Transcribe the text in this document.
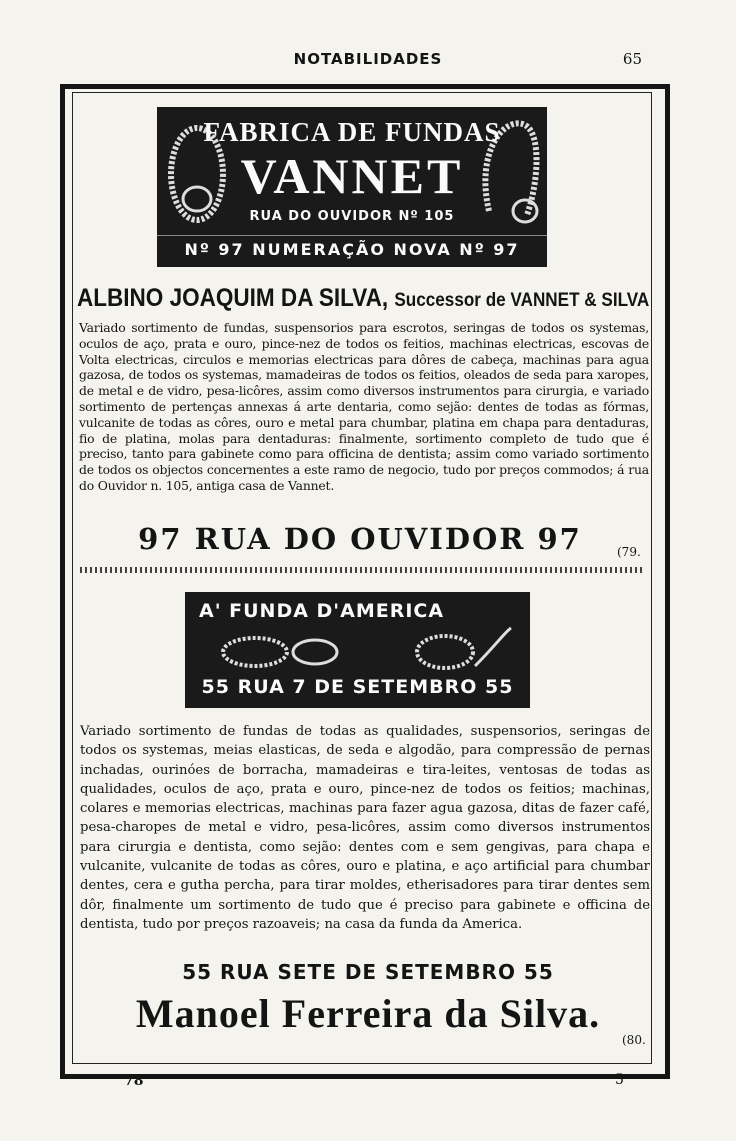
NOTABILIDADES	65
FABRICA DE FUNDAS
VANNET
RUA DO OUVIDOR Nº 105
Nº 97 NUMERAÇÃO NOVA Nº 97
ALBINO JOAQUIM DA SILVA, Successor de VANNET & SILVA
Variado sortimento de fundas, suspensorios para escrotos, seringas de todos os systemas, oculos de aço, prata e ouro, pince-nez de todos os feitios, machinas electricas, escovas de Volta electricas, circulos e memorias electricas para dôres de cabeça, machinas para agua gazosa, de todos os systemas, mamadeiras de todos os feitios, oleados de seda para xaropes, de metal e de vidro, pesa-licôres, assim como diversos instrumentos para cirurgia, e variado sortimento de pertenças annexas á arte dentaria, como sejão: dentes de todas as fórmas, vulcanite de todas as côres, ouro e metal para chumbar, platina em chapa para dentaduras, fio de platina, molas para dentaduras: finalmente, sortimento completo de tudo que é preciso, tanto para gabinete como para officina de dentista; assim como variado sortimento de todos os objectos concernentes a este ramo de negocio, tudo por preços commodos; á rua do Ouvidor n. 105, antiga casa de Vannet.
97 RUA DO OUVIDOR 97	(79.
A' FUNDA D'AMERICA
55 RUA 7 DE SETEMBRO 55
Variado sortimento de fundas de todas as qualidades, suspensorios, seringas de todos os systemas, meias elasticas, de seda e algodão, para compressão de pernas inchadas, ourinóes de borracha, mamadeiras e tira-leites, ventosas de todas as qualidades, oculos de aço, prata e ouro, pince-nez de todos os feitios; machinas, colares e memorias electricas, machinas para fazer agua gazosa, ditas de fazer café, pesa-charopes de metal e vidro, pesa-licôres, assim como diversos instrumentos para cirurgia e dentista, como sejão: dentes com e sem gengivas, para chapa e vulcanite, vulcanite de todas as côres, ouro e platina, e aço artificial para chumbar dentes, cera e gutha percha, para tirar moldes, etherisadores para tirar dentes sem dôr, finalmente um sortimento de tudo que é preciso para gabinete e officina de dentista, tudo por preços razoaveis; na casa da funda da America.
55 RUA SETE DE SETEMBRO 55
Manoel Ferreira da Silva.
(80.
78	5
